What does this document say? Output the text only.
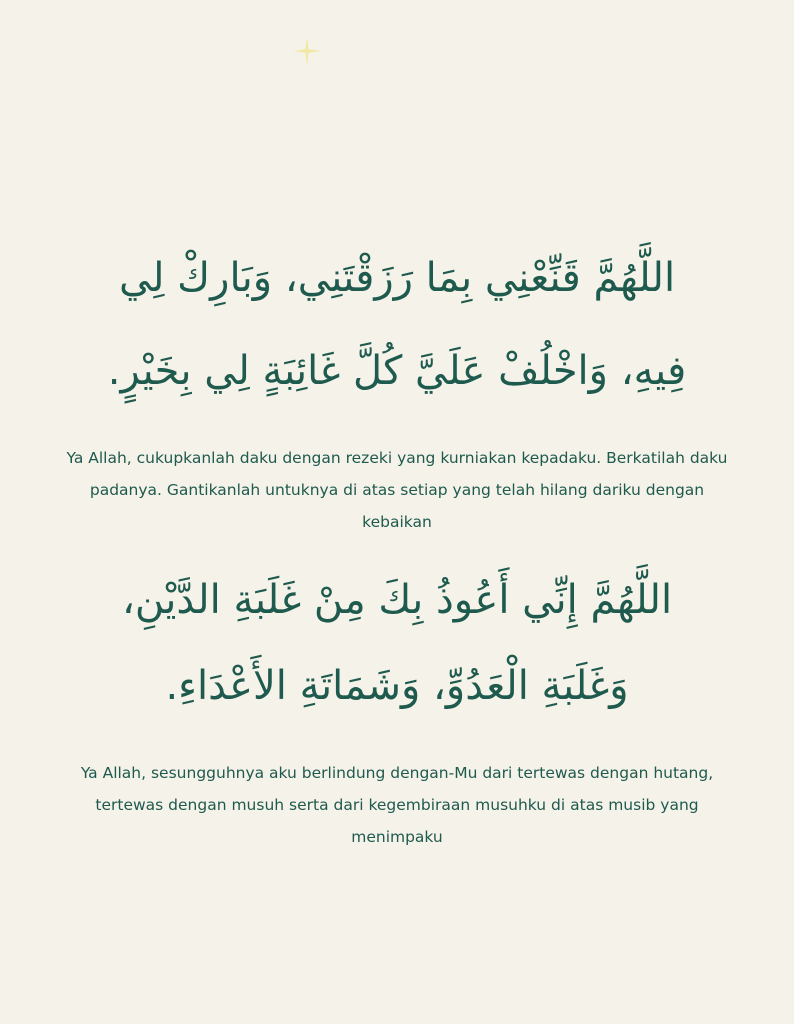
اللَّهُمَّ قَنِّعْنِي بِمَا رَزَقْتَنِي، وَبَارِكْ لِي

فِيهِ، وَاخْلُفْ عَلَيَّ كُلَّ غَائِبَةٍ لِي بِخَيْرٍ.

Ya Allah, cukupkanlah daku dengan rezeki yang kurniakan kepadaku. Berkatilah daku padanya. Gantikanlah untuknya di atas setiap yang telah hilang dariku dengan kebaikan

اللَّهُمَّ إِنِّي أَعُوذُ بِكَ مِنْ غَلَبَةِ الدَّيْنِ،

وَغَلَبَةِ الْعَدُوِّ، وَشَمَاتَةِ الأَعْدَاءِ.

Ya Allah, sesungguhnya aku berlindung dengan-Mu dari tertewas dengan hutang, tertewas dengan musuh serta dari kegembiraan musuhku di atas musib yang menimpaku
